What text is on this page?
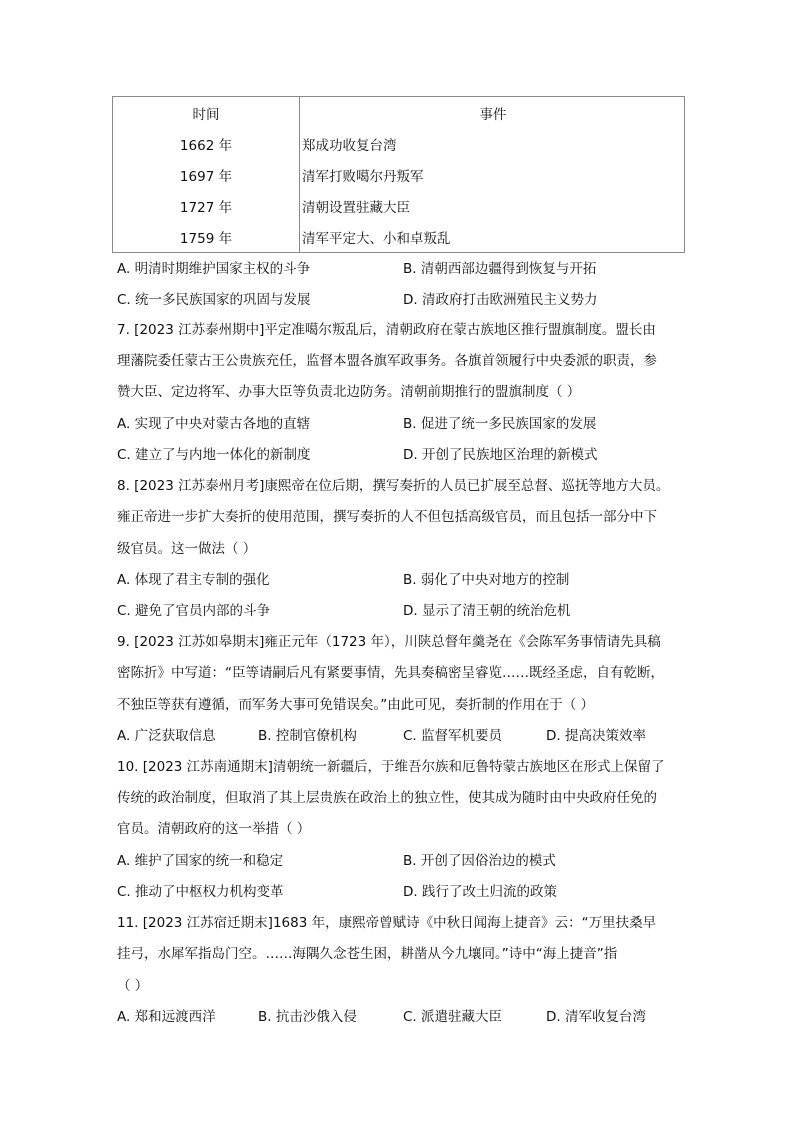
时间	事件
1662 年	郑成功收复台湾
1697 年	清军打败噶尔丹叛军
1727 年	清朝设置驻藏大臣
1759 年	清军平定大、小和卓叛乱
A. 明清时期维护国家主权的斗争	B. 清朝西部边疆得到恢复与开拓
C. 统一多民族国家的巩固与发展	D. 清政府打击欧洲殖民主义势力
7. [2023 江苏泰州期中]平定准噶尔叛乱后，清朝政府在蒙古族地区推行盟旗制度。盟长由
理藩院委任蒙古王公贵族充任，监督本盟各旗军政事务。各旗首领履行中央委派的职责，参
赞大臣、定边将军、办事大臣等负责北边防务。清朝前期推行的盟旗制度（ ）
A. 实现了中央对蒙古各地的直辖	B. 促进了统一多民族国家的发展
C. 建立了与内地一体化的新制度	D. 开创了民族地区治理的新模式
8. [2023 江苏泰州月考]康熙帝在位后期，撰写奏折的人员已扩展至总督、巡抚等地方大员。
雍正帝进一步扩大奏折的使用范围，撰写奏折的人不但包括高级官员，而且包括一部分中下
级官员。这一做法（ ）
A. 体现了君主专制的强化	B. 弱化了中央对地方的控制
C. 避免了官员内部的斗争	D. 显示了清王朝的统治危机
9. [2023 江苏如皋期末]雍正元年（1723 年），川陕总督年羹尧在《会陈军务事情请先具稿
密陈折》中写道：“臣等请嗣后凡有紧要事情，先具奏稿密呈睿览……既经圣虑，自有乾断，
不独臣等获有遵循，而军务大事可免错误矣。”由此可见，奏折制的作用在于（ ）
A. 广泛获取信息	B. 控制官僚机构	C. 监督军机要员	D. 提高决策效率
10. [2023 江苏南通期末]清朝统一新疆后，于维吾尔族和厄鲁特蒙古族地区在形式上保留了
传统的政治制度，但取消了其上层贵族在政治上的独立性，使其成为随时由中央政府任免的
官员。清朝政府的这一举措（ ）
A. 维护了国家的统一和稳定	B. 开创了因俗治边的模式
C. 推动了中枢权力机构变革	D. 践行了改土归流的政策
11. [2023 江苏宿迁期末]1683 年，康熙帝曾赋诗《中秋日闻海上捷音》云：“万里扶桑早
挂弓，水犀军指岛门空。……海隅久念苍生困，耕凿从今九壤同。”诗中“海上捷音”指
（ ）
A. 郑和远渡西洋	B. 抗击沙俄入侵	C. 派遣驻藏大臣	D. 清军收复台湾
